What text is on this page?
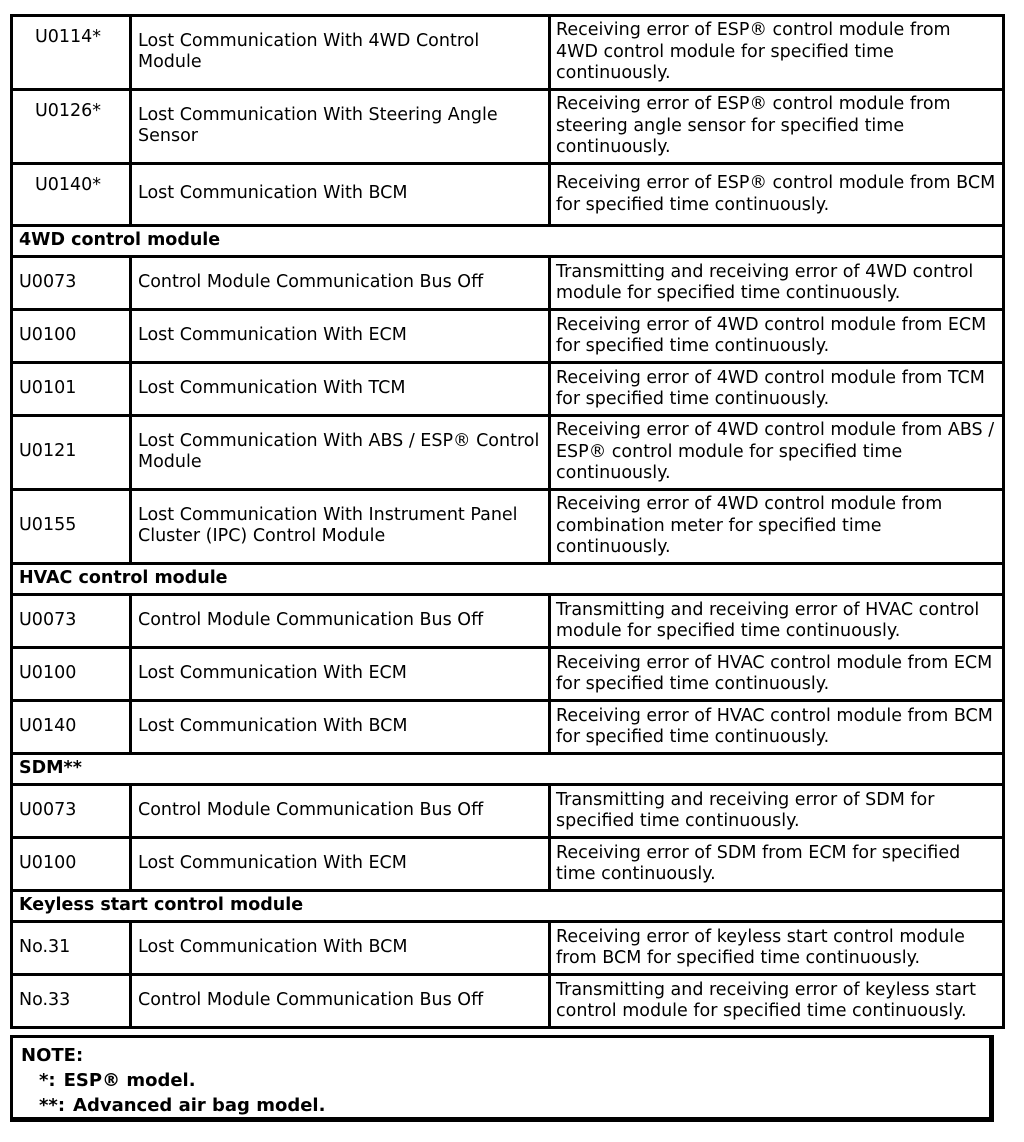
U0114*	Lost Communication With 4WD Control Module	Receiving error of ESP® control module from 4WD control module for specified time continuously.
U0126*	Lost Communication With Steering Angle Sensor	Receiving error of ESP® control module from steering angle sensor for specified time continuously.
U0140*	Lost Communication With BCM	Receiving error of ESP® control module from BCM for specified time continuously.
4WD control module		
U0073	Control Module Communication Bus Off	Transmitting and receiving error of 4WD control module for specified time continuously.
U0100	Lost Communication With ECM	Receiving error of 4WD control module from ECM for specified time continuously.
U0101	Lost Communication With TCM	Receiving error of 4WD control module from TCM for specified time continuously.
U0121	Lost Communication With ABS / ESP® Control Module	Receiving error of 4WD control module from ABS / ESP® control module for specified time continuously.
U0155	Lost Communication With Instrument Panel Cluster (IPC) Control Module	Receiving error of 4WD control module from combination meter for specified time continuously.
HVAC control module		
U0073	Control Module Communication Bus Off	Transmitting and receiving error of HVAC control module for specified time continuously.
U0100	Lost Communication With ECM	Receiving error of HVAC control module from ECM for specified time continuously.
U0140	Lost Communication With BCM	Receiving error of HVAC control module from BCM for specified time continuously.
SDM**		
U0073	Control Module Communication Bus Off	Transmitting and receiving error of SDM for specified time continuously.
U0100	Lost Communication With ECM	Receiving error of SDM from ECM for specified time continuously.
Keyless start control module		
No.31	Lost Communication With BCM	Receiving error of keyless start control module from BCM for specified time continuously.
No.33	Control Module Communication Bus Off	Transmitting and receiving error of keyless start control module for specified time continuously.
NOTE:
*: ESP® model.
**: Advanced air bag model.
